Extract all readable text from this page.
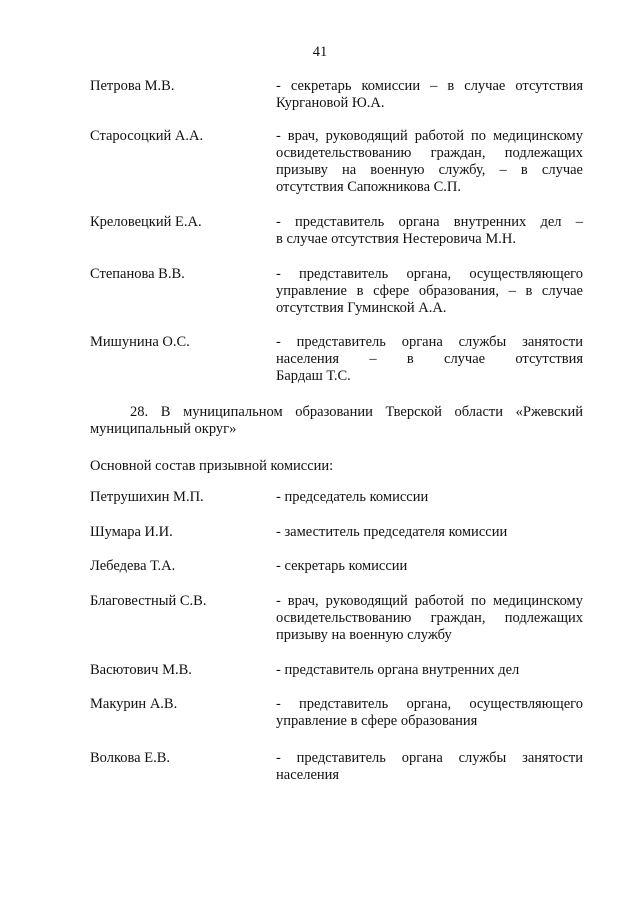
41
Петрова М.В.	- секретарь комиссии – в случае отсутствия
Кургановой Ю.А.
Старосоцкий А.А.	- врач, руководящий работой по медицинскому
освидетельствованию граждан, подлежащих
призыву на военную службу, – в случае
отсутствия Сапожникова С.П.
Креловецкий Е.А.	- представитель органа внутренних дел –
в случае отсутствия Нестеровича М.Н.
Степанова В.В.	- представитель органа, осуществляющего
управление в сфере образования, – в случае
отсутствия Гуминской А.А.
Мишунина О.С.	- представитель органа службы занятости
населения – в случае отсутствия
Бардаш Т.С.
Петрушихин М.П.	- председатель комиссии
Шумара И.И.	- заместитель председателя комиссии
Лебедева Т.А.	- секретарь комиссии
Благовестный С.В.	- врач, руководящий работой по медицинскому
освидетельствованию граждан, подлежащих
призыву на военную службу
Васютович М.В.	- представитель органа внутренних дел
Макурин А.В.	- представитель органа, осуществляющего
управление в сфере образования
Волкова Е.В.	- представитель органа службы занятости
населения
28. В муниципальном образовании Тверской области «Ржевский
муниципальный округ»
Основной состав призывной комиссии:
